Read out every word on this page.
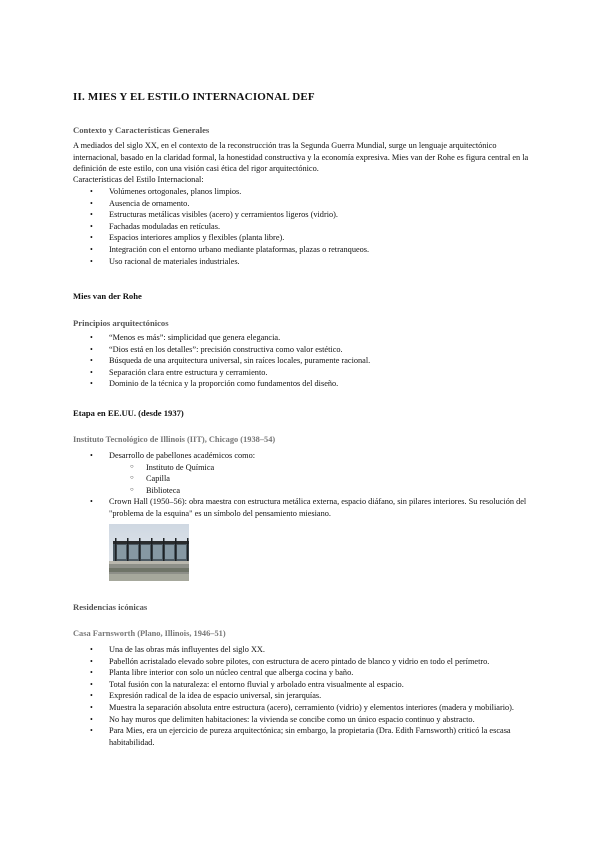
II. MIES Y EL ESTILO INTERNACIONAL DEF
Contexto y Características Generales
A mediados del siglo XX, en el contexto de la reconstrucción tras la Segunda Guerra Mundial, surge un lenguaje arquitectónico internacional, basado en la claridad formal, la honestidad constructiva y la economía expresiva. Mies van der Rohe es figura central en la definición de este estilo, con una visión casi ética del rigor arquitectónico.
Características del Estilo Internacional:
• Volúmenes ortogonales, planos limpios.
• Ausencia de ornamento.
• Estructuras metálicas visibles (acero) y cerramientos ligeros (vidrio).
• Fachadas moduladas en retículas.
• Espacios interiores amplios y flexibles (planta libre).
• Integración con el entorno urbano mediante plataformas, plazas o retranqueos.
• Uso racional de materiales industriales.
Mies van der Rohe
Principios arquitectónicos
• “Menos es más”: simplicidad que genera elegancia.
• “Dios está en los detalles”: precisión constructiva como valor estético.
• Búsqueda de una arquitectura universal, sin raíces locales, puramente racional.
• Separación clara entre estructura y cerramiento.
• Dominio de la técnica y la proporción como fundamentos del diseño.
Etapa en EE.UU. (desde 1937)
Instituto Tecnológico de Illinois (IIT), Chicago (1938–54)
• Desarrollo de pabellones académicos como:
○ Instituto de Química
○ Capilla
○ Biblioteca
• Crown Hall (1950–56): obra maestra con estructura metálica externa, espacio diáfano, sin pilares interiores. Su resolución del "problema de la esquina" es un símbolo del pensamiento miesiano.
Residencias icónicas
Casa Farnsworth (Plano, Illinois, 1946–51)
• Una de las obras más influyentes del siglo XX.
• Pabellón acristalado elevado sobre pilotes, con estructura de acero pintado de blanco y vidrio en todo el perímetro.
• Planta libre interior con solo un núcleo central que alberga cocina y baño.
• Total fusión con la naturaleza: el entorno fluvial y arbolado entra visualmente al espacio.
• Expresión radical de la idea de espacio universal, sin jerarquías.
• Muestra la separación absoluta entre estructura (acero), cerramiento (vidrio) y elementos interiores (madera y mobiliario).
• No hay muros que delimiten habitaciones: la vivienda se concibe como un único espacio continuo y abstracto.
• Para Mies, era un ejercicio de pureza arquitectónica; sin embargo, la propietaria (Dra. Edith Farnsworth) criticó la escasa habitabilidad.
